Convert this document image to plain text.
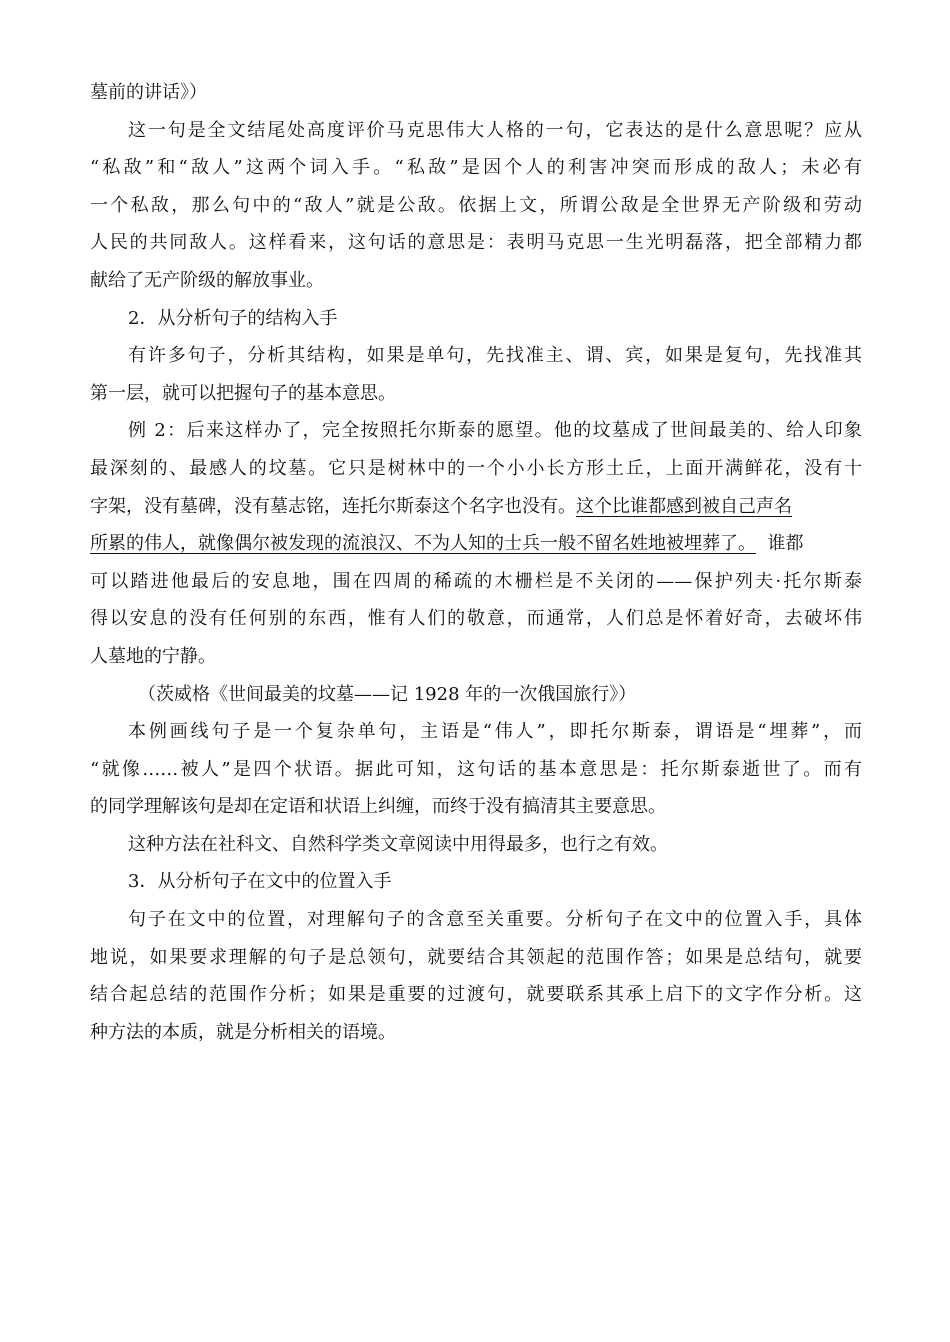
墓前的讲话》）
这一句是全文结尾处高度评价马克思伟大人格的一句，它表达的是什么意思呢？应从
“私敌”和“敌人”这两个词入手。“私敌”是因个人的利害冲突而形成的敌人；未必有
一个私敌，那么句中的“敌人”就是公敌。依据上文，所谓公敌是全世界无产阶级和劳动
人民的共同敌人。这样看来，这句话的意思是：表明马克思一生光明磊落，把全部精力都
献给了无产阶级的解放事业。
2．从分析句子的结构入手
有许多句子，分析其结构，如果是单句，先找准主、谓、宾，如果是复句，先找准其
第一层，就可以把握句子的基本意思。
例 2：后来这样办了，完全按照托尔斯泰的愿望。他的坟墓成了世间最美的、给人印象
最深刻的、最感人的坟墓。它只是树林中的一个小小长方形土丘，上面开满鲜花，没有十
字架，没有墓碑，没有墓志铭，连托尔斯泰这个名字也没有。这个比谁都感到被自己声名
所累的伟人，就像偶尔被发现的流浪汉、不为人知的士兵一般不留名姓地被埋葬了。  谁都
可以踏进他最后的安息地，围在四周的稀疏的木栅栏是不关闭的——保护列夫·托尔斯泰
得以安息的没有任何别的东西，惟有人们的敬意，而通常，人们总是怀着好奇，去破坏伟
人墓地的宁静。
（茨威格《世间最美的坟墓——记 1928 年的一次俄国旅行》）
本例画线句子是一个复杂单句，主语是“伟人”，即托尔斯泰，谓语是“埋葬”，而
“就像……被人”是四个状语。据此可知，这句话的基本意思是：托尔斯泰逝世了。而有
的同学理解该句是却在定语和状语上纠缠，而终于没有搞清其主要意思。
这种方法在社科文、自然科学类文章阅读中用得最多，也行之有效。
3．从分析句子在文中的位置入手
句子在文中的位置，对理解句子的含意至关重要。分析句子在文中的位置入手，具体
地说，如果要求理解的句子是总领句，就要结合其领起的范围作答；如果是总结句，就要
结合起总结的范围作分析；如果是重要的过渡句，就要联系其承上启下的文字作分析。这
种方法的本质，就是分析相关的语境。
